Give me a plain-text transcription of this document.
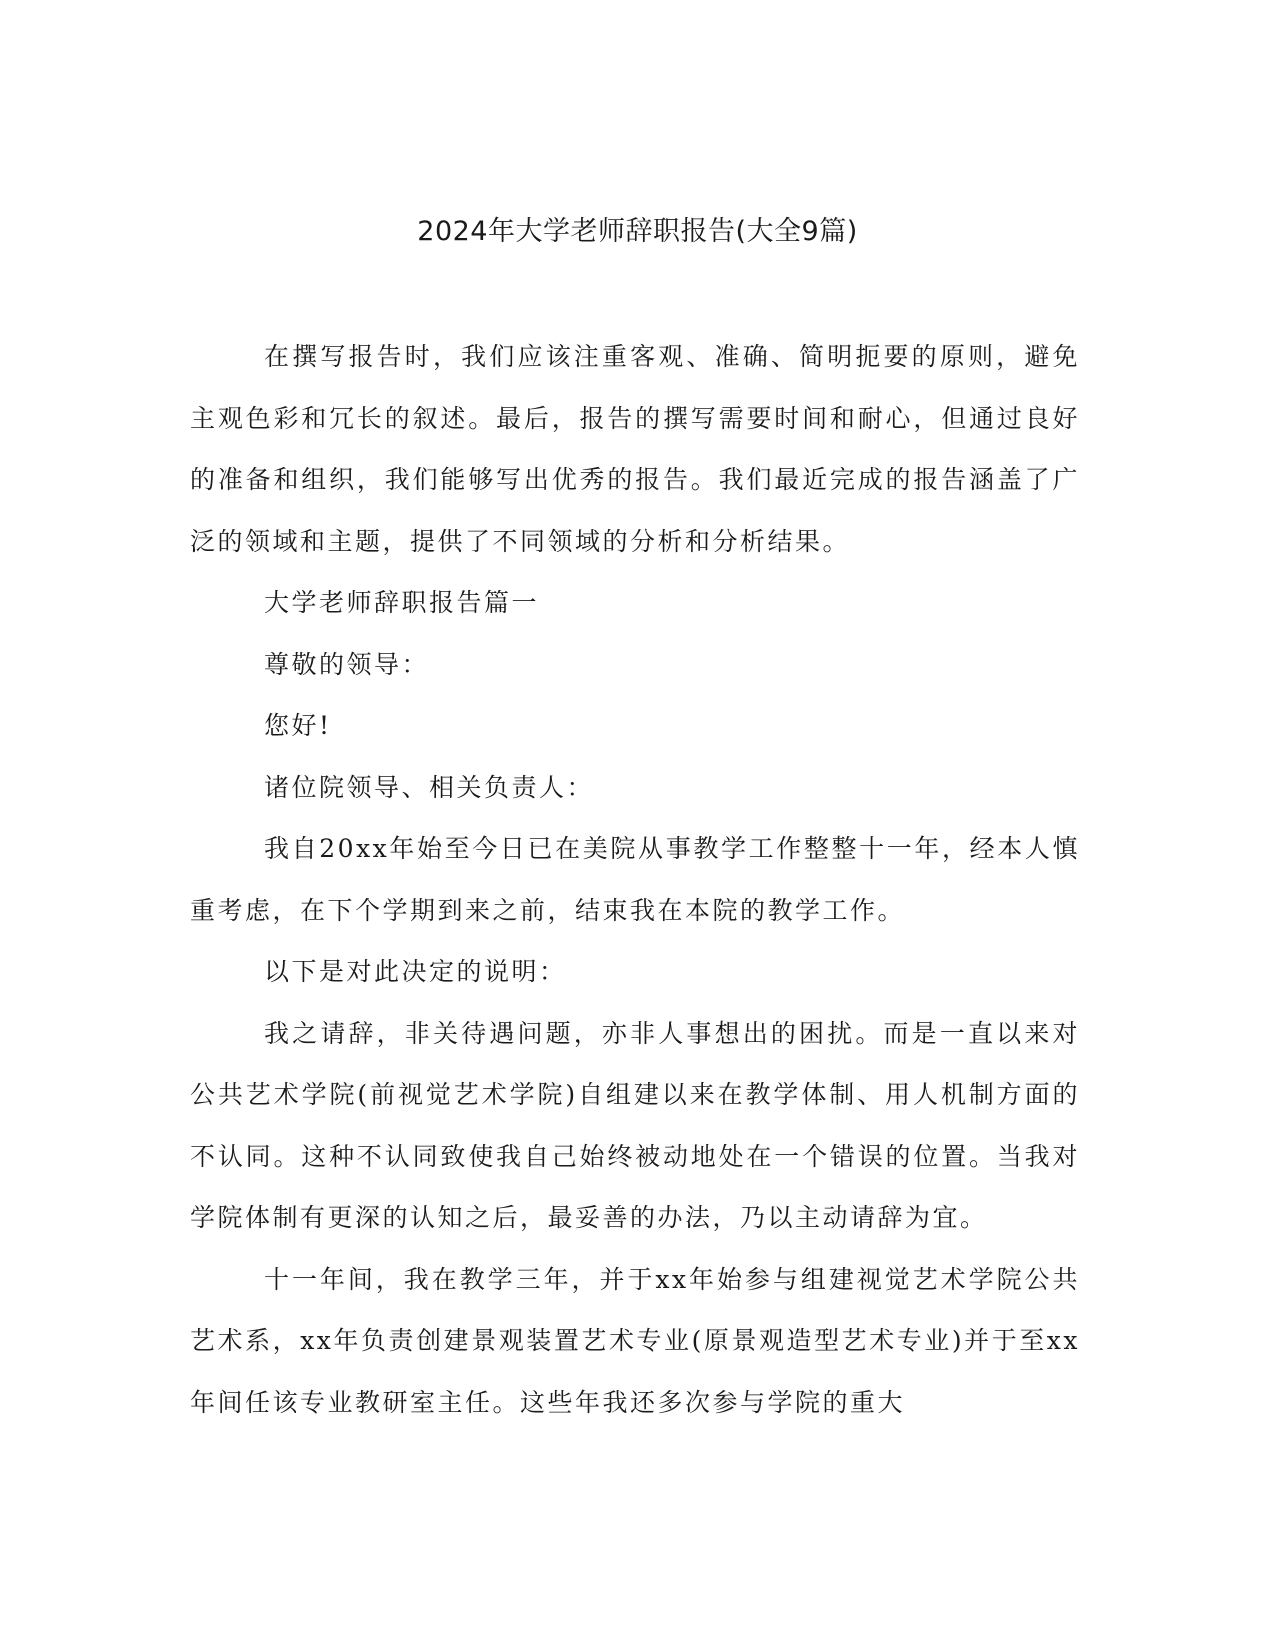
2024年大学老师辞职报告(大全9篇)

在撰写报告时，我们应该注重客观、准确、简明扼要的原则，避免主观色彩和冗长的叙述。最后，报告的撰写需要时间和耐心，但通过良好的准备和组织，我们能够写出优秀的报告。我们最近完成的报告涵盖了广泛的领域和主题，提供了不同领域的分析和分析结果。

大学老师辞职报告篇一

尊敬的领导：

您好!

诸位院领导、相关负责人：

我自20xx年始至今日已在美院从事教学工作整整十一年，经本人慎重考虑，在下个学期到来之前，结束我在本院的教学工作。

以下是对此决定的说明：

我之请辞，非关待遇问题，亦非人事想出的困扰。而是一直以来对公共艺术学院(前视觉艺术学院)自组建以来在教学体制、用人机制方面的不认同。这种不认同致使我自己始终被动地处在一个错误的位置。当我对学院体制有更深的认知之后，最妥善的办法，乃以主动请辞为宜。

十一年间，我在教学三年，并于xx年始参与组建视觉艺术学院公共艺术系，xx年负责创建景观装置艺术专业(原景观造型艺术专业)并于至xx年间任该专业教研室主任。这些年我还多次参与学院的重大
